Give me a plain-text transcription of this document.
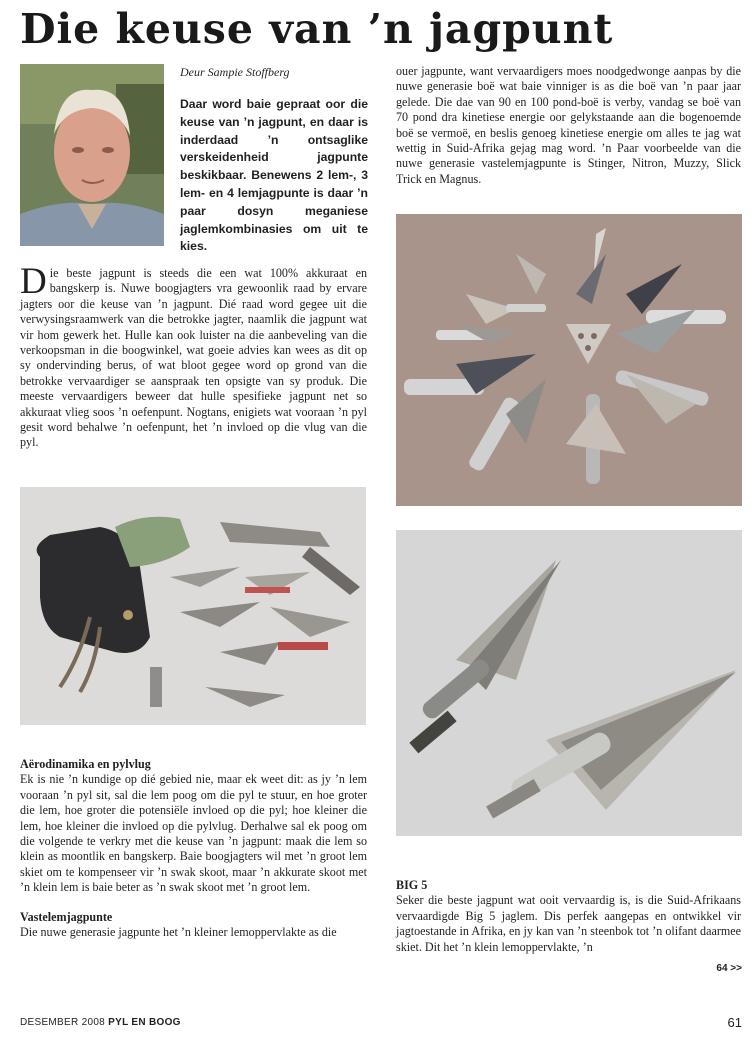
Die keuse van ’n jagpunt
Deur Sampie Stoffberg
Daar word baie gepraat oor die keuse van ’n jagpunt, en daar is inderdaad ’n ontsaglike verskeidenheid jagpunte beskikbaar. Benewens 2 lem-, 3 lem- en 4 lemjagpunte is daar ’n paar dosyn meganiese jaglemkombinasies om uit te kies.
Die beste jagpunt is steeds die een wat 100% akkuraat en bangskerp is. Nuwe boogjagters vra gewoonlik raad by ervare jagters oor die keuse van ’n jagpunt. Dié raad word gegee uit die verwysingsraamwerk van die betrokke jagter, naamlik die jagpunt wat vir hom gewerk het. Hulle kan ook luister na die aanbeveling van die verkoopsman in die boogwinkel, wat goeie advies kan wees as dit op sy ondervinding berus, of wat bloot gegee word op grond van die betrokke vervaardiger se aanspraak ten opsigte van sy produk. Die meeste vervaardigers beweer dat hulle spesifieke jagpunt net so akkuraat vlieg soos ’n oefenpunt. Nogtans, enigiets wat vooraan ’n pyl gesit word behalwe ’n oefenpunt, het ’n invloed op die vlug van die pyl.
Aërodinamika en pylvlug
Ek is nie ’n kundige op dié gebied nie, maar ek weet dit: as jy ’n lem vooraan ’n pyl sit, sal die lem poog om die pyl te stuur, en hoe groter die lem, hoe groter die potensiële invloed op die pyl; hoe kleiner die lem, hoe kleiner die invloed op die pylvlug. Derhalwe sal ek poog om die volgende te verkry met die keuse van ’n jagpunt: maak die lem so klein as moontlik en bangskerp. Baie boogjagters wil met ’n groot lem skiet om te kompenseer vir ’n swak skoot, maar ’n akkurate skoot met ’n klein lem is baie beter as ’n swak skoot met ’n groot lem.
Vastelemjagpunte
Die nuwe generasie jagpunte het ’n kleiner lemoppervlakte as die
ouer jagpunte, want vervaardigers moes noodgedwonge aanpas by die nuwe generasie boë wat baie vinniger is as die boë van ’n paar jaar gelede. Die dae van 90 en 100 pond-boë is verby, vandag se boë van 70 pond dra kinetiese energie oor gelykstaande aan die bogenoemde boë se vermoë, en beslis genoeg kinetiese energie om alles te jag wat wettig in Suid-Afrika gejag mag word. ’n Paar voorbeelde van die nuwe generasie vastelemjagpunte is Stinger, Nitron, Muzzy, Slick Trick en Magnus.
BIG 5
Seker die beste jagpunt wat ooit vervaardig is, is die Suid-Afrikaans vervaardigde Big 5 jaglem. Dis perfek aangepas en ontwikkel vir jagtoestande in Afrika, en jy kan van ’n steenbok tot ’n olifant daarmee skiet. Dit het ’n klein lemoppervlakte, ’n
64 >>
DESEMBER 2008 PYL EN BOOG	61
